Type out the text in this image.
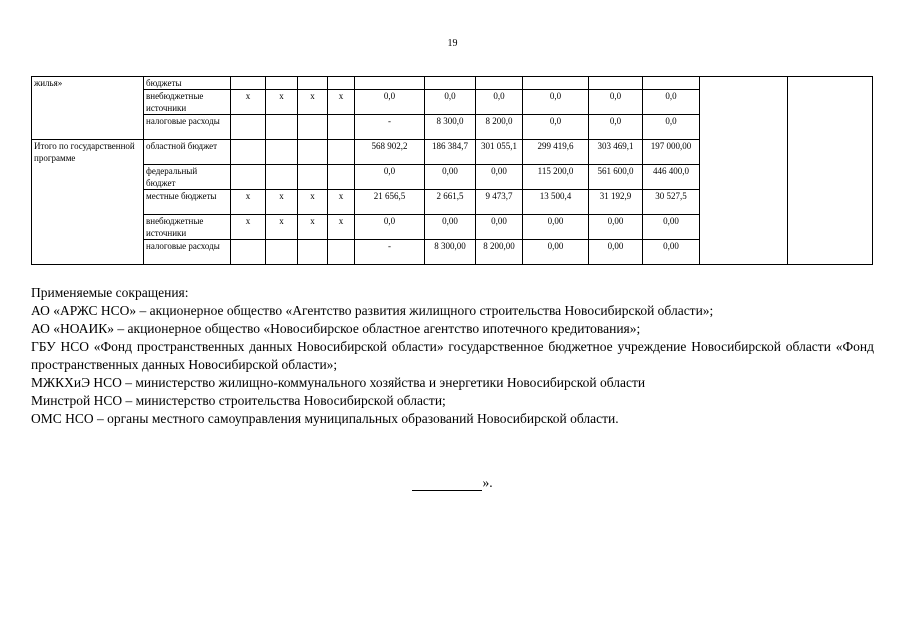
19
жилья»	бюджеты												
	внебюджетные источники	x	x	x	x	0,0	0,0	0,0	0,0	0,0	0,0		
	налоговые расходы					-	8 300,0	8 200,0	0,0	0,0	0,0		
Итого по государственной программе	областной бюджет					568 902,2	186 384,7	301 055,1	299 419,6	303 469,1	197 000,00		
	федеральный бюджет					0,0	0,00	0,00	115 200,0	561 600,0	446 400,0		
	местные бюджеты	x	x	x	x	21 656,5	2 661,5	9 473,7	13 500,4	31 192,9	30 527,5		
	внебюджетные источники	x	x	x	x	0,0	0,00	0,00	0,00	0,00	0,00		
	налоговые расходы					-	8 300,00	8 200,00	0,00	0,00	0,00		

Применяемые сокращения:

АО «АРЖС НСО» – акционерное общество «Агентство развития жилищного строительства Новосибирской области»;

АО «НОАИК» – акционерное общество «Новосибирское областное агентство ипотечного кредитования»;

ГБУ НСО «Фонд пространственных данных Новосибирской области» государственное бюджетное учреждение Новосибирской области «Фонд пространственных данных Новосибирской области»;

МЖКХиЭ НСО – министерство жилищно-коммунального хозяйства и энергетики Новосибирской области

Минстрой НСО – министерство строительства Новосибирской области;

ОМС НСО – органы местного самоуправления муниципальных образований Новосибирской области.

».
